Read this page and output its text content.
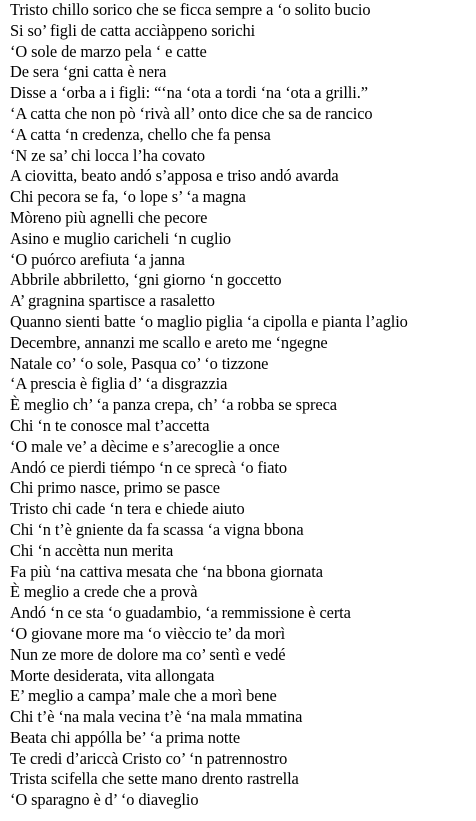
Tristo chillo sorico che se ficca sempre a ‘o solito bucio
Si so’ figli de catta acciàppeno sorichi
‘O sole de marzo pela ‘ e catte
De sera ‘gni catta è nera
Disse a ‘orba a i figli: “‘na ‘ota a tordi ‘na ‘ota a grilli.”
‘A catta che non pò ‘rivà all’ onto dice che sa de rancico
‘A catta ‘n credenza, chello che fa pensa
‘N ze sa’ chi locca l’ha covato
A ciovitta, beato andó s’apposa e triso andó avarda
Chi pecora se fa, ‘o lope s’ ‘a magna
Mòreno più agnelli che pecore
Asino e muglio caricheli ‘n cuglio
‘O puórco arefiuta ‘a janna
Abbrile abbriletto, ‘gni giorno ‘n goccetto
A’ gragnina spartisce a rasaletto
Quanno sienti batte ‘o maglio piglia ‘a cipolla e pianta l’aglio
Decembre, annanzi me scallo e areto me ‘ngegne
Natale co’ ‘o sole, Pasqua co’ ‘o tizzone
‘A prescia è figlia d’ ‘a disgrazzia
È meglio ch’ ‘a panza crepa, ch’ ‘a robba se spreca
Chi ‘n te conosce mal t’accetta
‘O male ve’ a dècime e s’arecoglie a once
Andó ce pierdi tiémpo ‘n ce sprecà ‘o fiato
Chi primo nasce, primo se pasce
Tristo chi cade ‘n tera e chiede aiuto
Chi ‘n t’è gniente da fa scassa ‘a vigna bbona
Chi ‘n accètta nun merita
Fa più ‘na cattiva mesata che ‘na bbona giornata
È meglio a crede che a provà
Andó ‘n ce sta ‘o guadambio, ‘a remmissione è certa
‘O giovane more ma ‘o vièccio te’ da morì
Nun ze more de dolore ma co’ sentì e vedé
Morte desiderata, vita allongata
E’ meglio a campa’ male che a morì bene
Chi t’è ‘na mala vecina t’è ‘na mala mmatina
Beata chi appólla be’ ‘a prima notte
Te credi d’ariccà Cristo co’ ‘n patrennostro
Trista scifella che sette mano drento rastrella
‘O sparagno è d’ ‘o diaveglio
